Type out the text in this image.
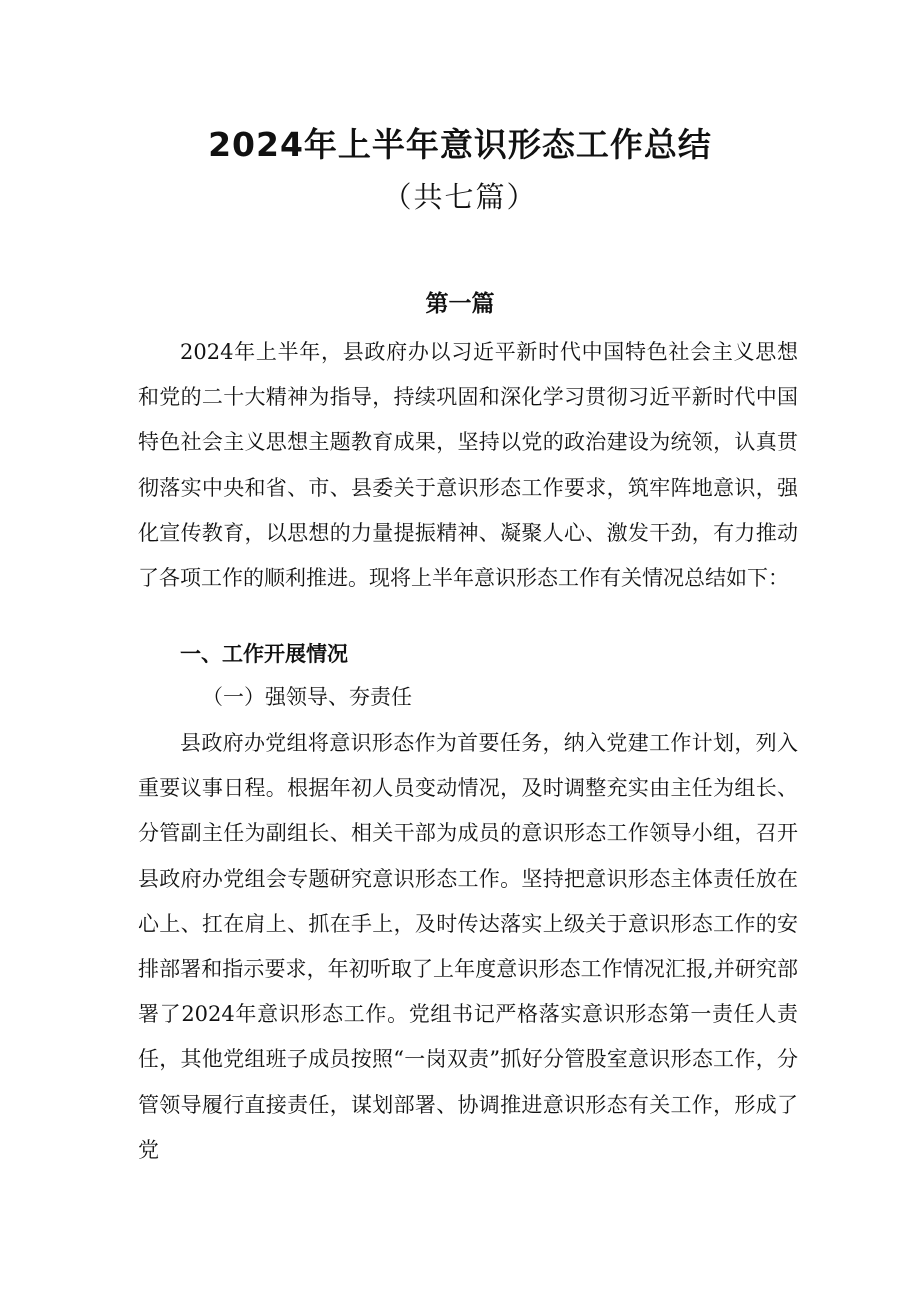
2024年上半年意识形态工作总结
（共七篇）
第一篇

2024年上半年，县政府办以习近平新时代中国特色社会主义思想和党的二十大精神为指导，持续巩固和深化学习贯彻习近平新时代中国特色社会主义思想主题教育成果，坚持以党的政治建设为统领，认真贯彻落实中央和省、市、县委关于意识形态工作要求，筑牢阵地意识，强化宣传教育，以思想的力量提振精神、凝聚人心、激发干劲，有力推动了各项工作的顺利推进。现将上半年意识形态工作有关情况总结如下：

一、工作开展情况
（一）强领导、夯责任

县政府办党组将意识形态作为首要任务，纳入党建工作计划，列入重要议事日程。根据年初人员变动情况，及时调整充实由主任为组长、分管副主任为副组长、相关干部为成员的意识形态工作领导小组，召开县政府办党组会专题研究意识形态工作。坚持把意识形态主体责任放在心上、扛在肩上、抓在手上，及时传达落实上级关于意识形态工作的安排部署和指示要求，年初听取了上年度意识形态工作情况汇报,并研究部署了2024年意识形态工作。党组书记严格落实意识形态第一责任人责任，其他党组班子成员按照“一岗双责”抓好分管股室意识形态工作，分管领导履行直接责任，谋划部署、协调推进意识形态有关工作，形成了党
